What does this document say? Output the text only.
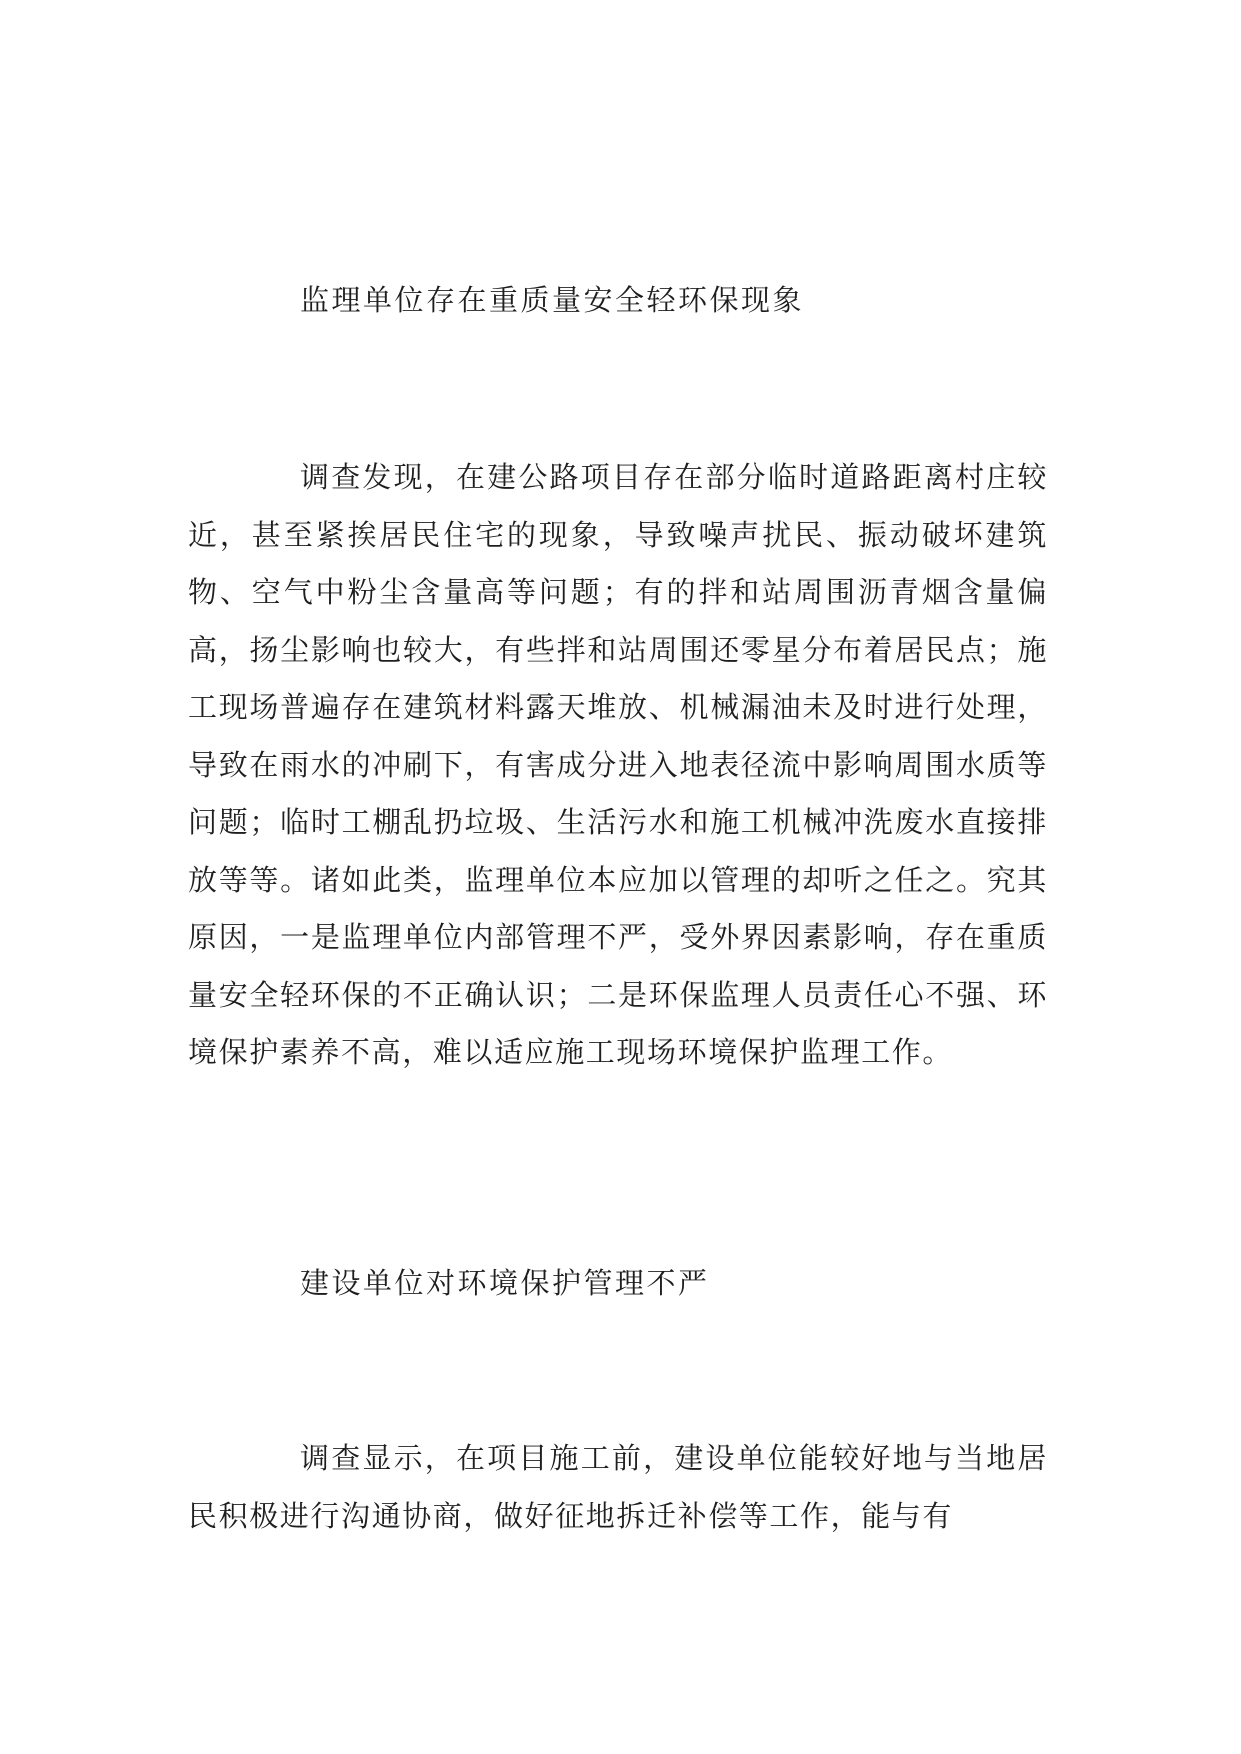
监理单位存在重质量安全轻环保现象

调查发现，在建公路项目存在部分临时道路距离村庄较近，甚至紧挨居民住宅的现象，导致噪声扰民、振动破坏建筑物、空气中粉尘含量高等问题；有的拌和站周围沥青烟含量偏高，扬尘影响也较大，有些拌和站周围还零星分布着居民点；施工现场普遍存在建筑材料露天堆放、机械漏油未及时进行处理，导致在雨水的冲刷下，有害成分进入地表径流中影响周围水质等问题；临时工棚乱扔垃圾、生活污水和施工机械冲洗废水直接排放等等。诸如此类，监理单位本应加以管理的却听之任之。究其原因，一是监理单位内部管理不严，受外界因素影响，存在重质量安全轻环保的不正确认识；二是环保监理人员责任心不强、环境保护素养不高，难以适应施工现场环境保护监理工作。

建设单位对环境保护管理不严

调查显示，在项目施工前，建设单位能较好地与当地居民积极进行沟通协商，做好征地拆迁补偿等工作，能与有
